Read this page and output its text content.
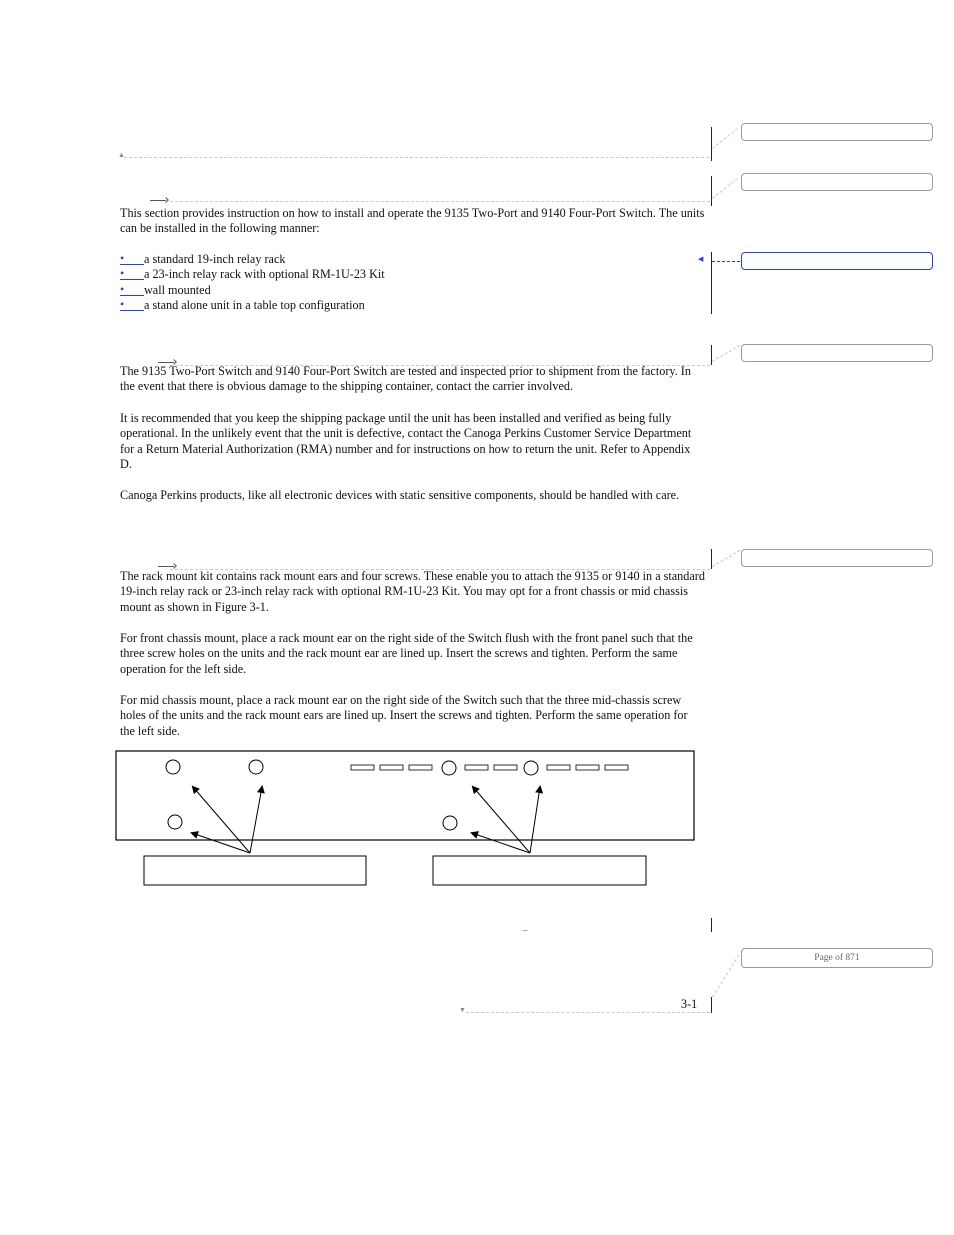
▲
◀

This section provides instruction on how to install and operate the 9135 Two-Port and 9140 Four-Port Switch. The units can be installed in the following manner:

•	a standard 19-inch relay rack
•	a 23-inch relay rack with optional RM-1U-23 Kit
•	wall mounted
•	a stand alone unit in a table top configuration

The 9135 Two-Port Switch and 9140 Four-Port Switch are tested and inspected prior to shipment from the factory. In the event that there is obvious damage to the shipping container, contact the carrier involved.

It is recommended that you keep the shipping package until the unit has been installed and verified as being fully operational. In the unlikely event that the unit is defective, contact the Canoga Perkins Customer Service Department for a Return Material Authorization (RMA) number and for instructions on how to return the unit. Refer to Appendix D.

Canoga Perkins products, like all electronic devices with static sensitive components, should be handled with care.

The rack mount kit contains rack mount ears and four screws. These enable you to attach the 9135 or 9140 in a standard 19-inch relay rack or 23-inch relay rack with optional RM-1U-23 Kit. You may opt for a front chassis or mid chassis mount as shown in Figure 3-1.

For front chassis mount, place a rack mount ear on the right side of the Switch flush with the front panel such that the three screw holes on the units and the rack mount ear are lined up. Insert the screws and tighten. Perform the same operation for the left side.

For mid chassis mount, place a rack mount ear on the right side of the Switch such that the three mid-chassis screw holes of the units and the rack mount ears are lined up. Insert the screws and tighten. Perform the same operation for the left side.

–
Page of 871
3-1
▼
